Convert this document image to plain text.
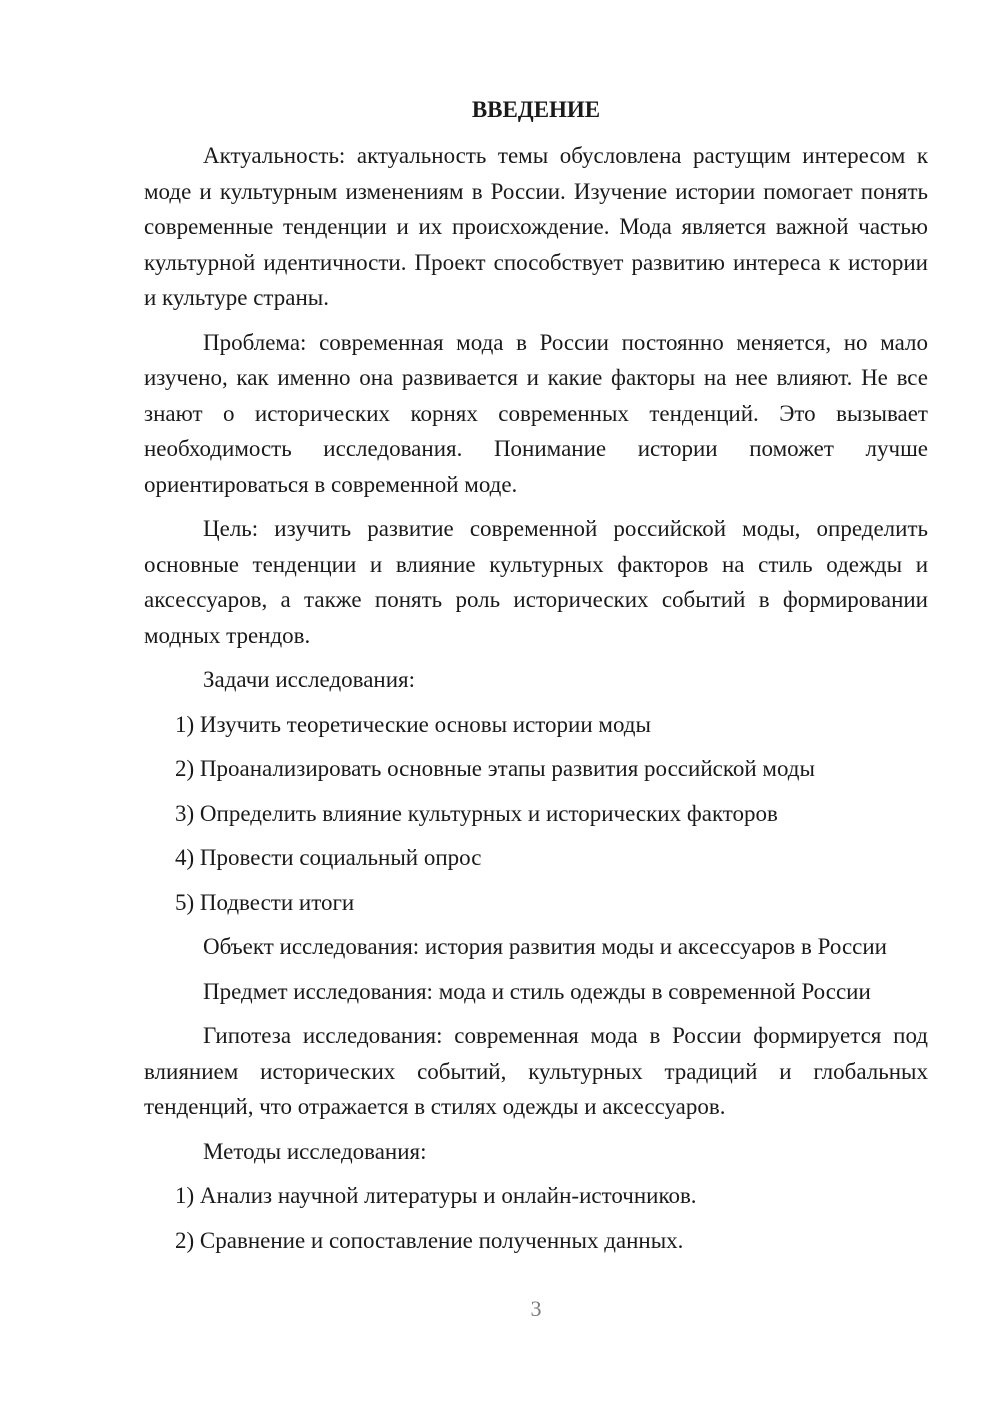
ВВЕДЕНИЕ
Актуальность: актуальность темы обусловлена растущим интересом к моде и культурным изменениям в России. Изучение истории помогает понять современные тенденции и их происхождение. Мода является важной частью культурной идентичности. Проект способствует развитию интереса к истории и культуре страны.
Проблема: современная мода в России постоянно меняется, но мало изучено, как именно она развивается и какие факторы на нее влияют. Не все знают о исторических корнях современных тенденций. Это вызывает необходимость исследования. Понимание истории поможет лучше ориентироваться в современной моде.
Цель: изучить развитие современной российской моды, определить основные тенденции и влияние культурных факторов на стиль одежды и аксессуаров, а также понять роль исторических событий в формировании модных трендов.
Задачи исследования:
1) Изучить теоретические основы истории моды
2) Проанализировать основные этапы развития российской моды
3) Определить влияние культурных и исторических факторов
4) Провести социальный опрос
5) Подвести итоги
Объект исследования: история развития моды и аксессуаров в России
Предмет исследования: мода и стиль одежды в современной России
Гипотеза исследования: современная мода в России формируется под влиянием исторических событий, культурных традиций и глобальных тенденций, что отражается в стилях одежды и аксессуаров.
Методы исследования:
1) Анализ научной литературы и онлайн-источников.
2) Сравнение и сопоставление полученных данных.
3
